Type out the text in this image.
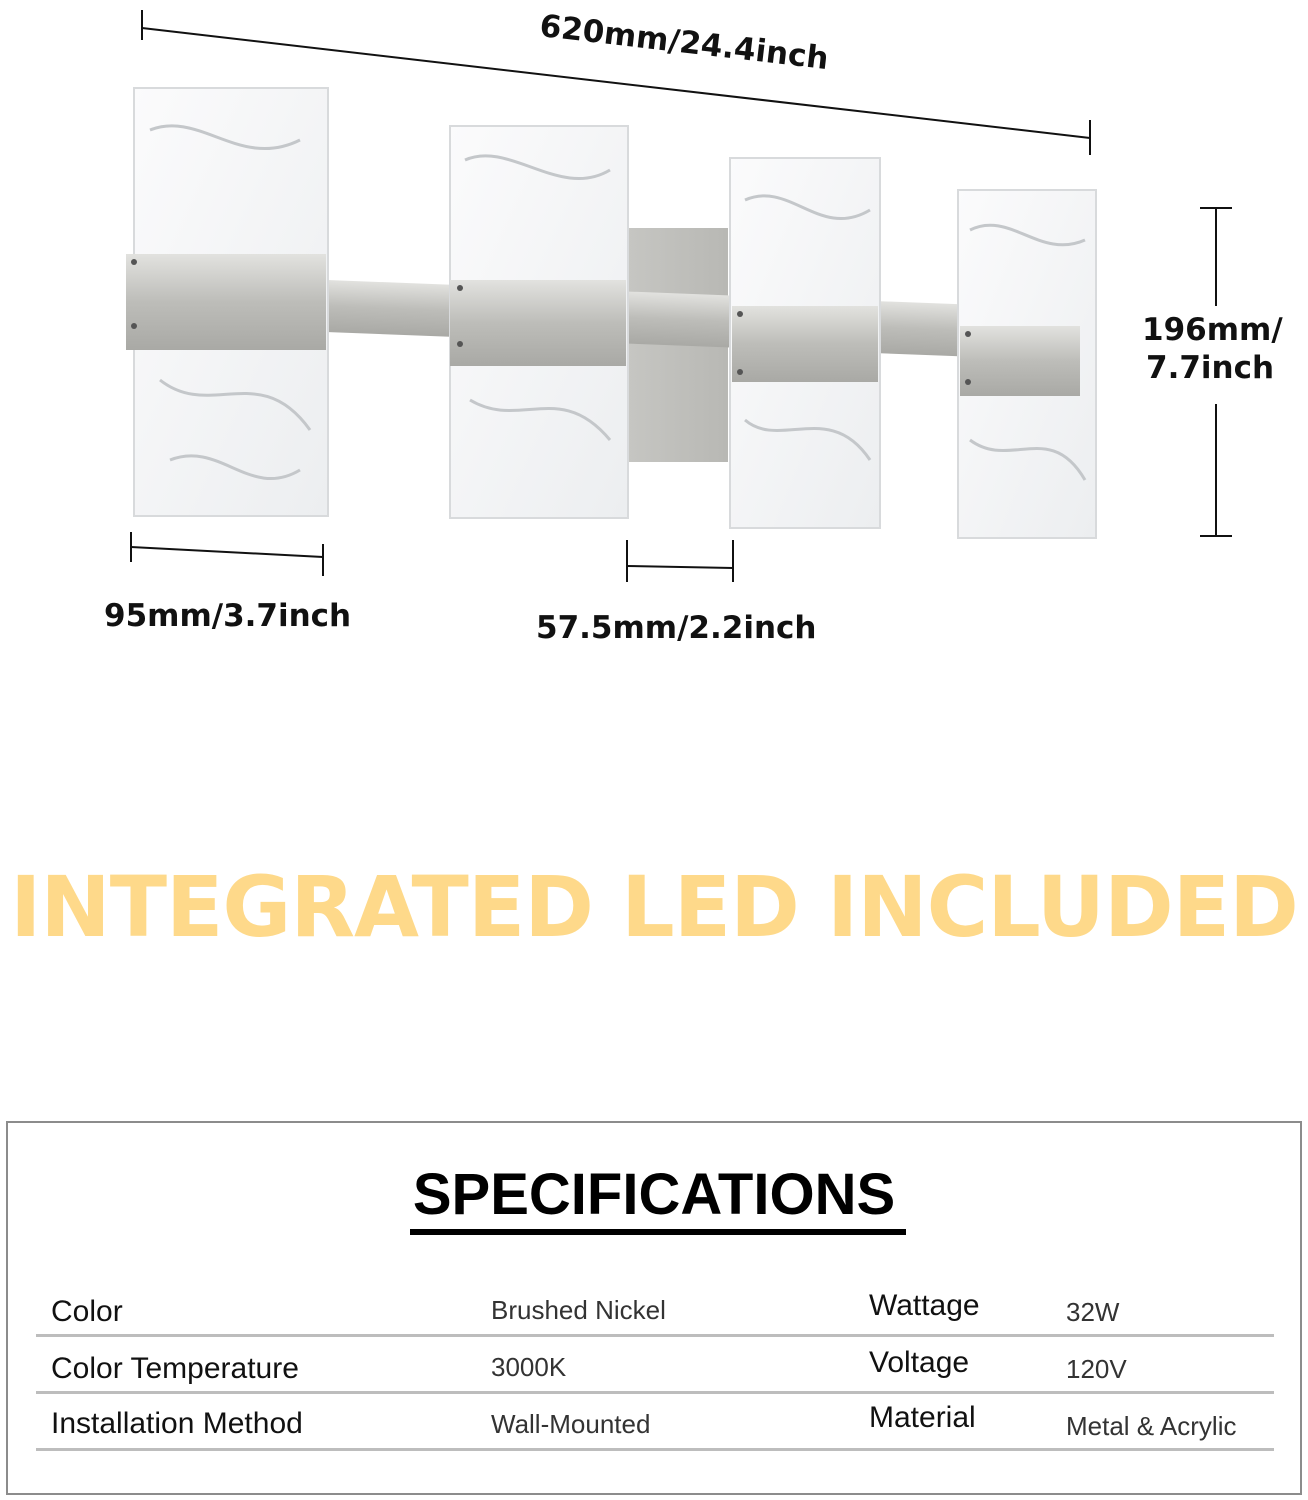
620mm/24.4inch
196mm/
7.7inch
95mm/3.7inch	57.5mm/2.2inch
INTEGRATED LED INCLUDED
SPECIFICATIONS
Color	Brushed Nickel	Wattage	32W
Color Temperature	3000K	Voltage	120V
Installation Method	Wall-Mounted	Material	Metal & Acrylic
